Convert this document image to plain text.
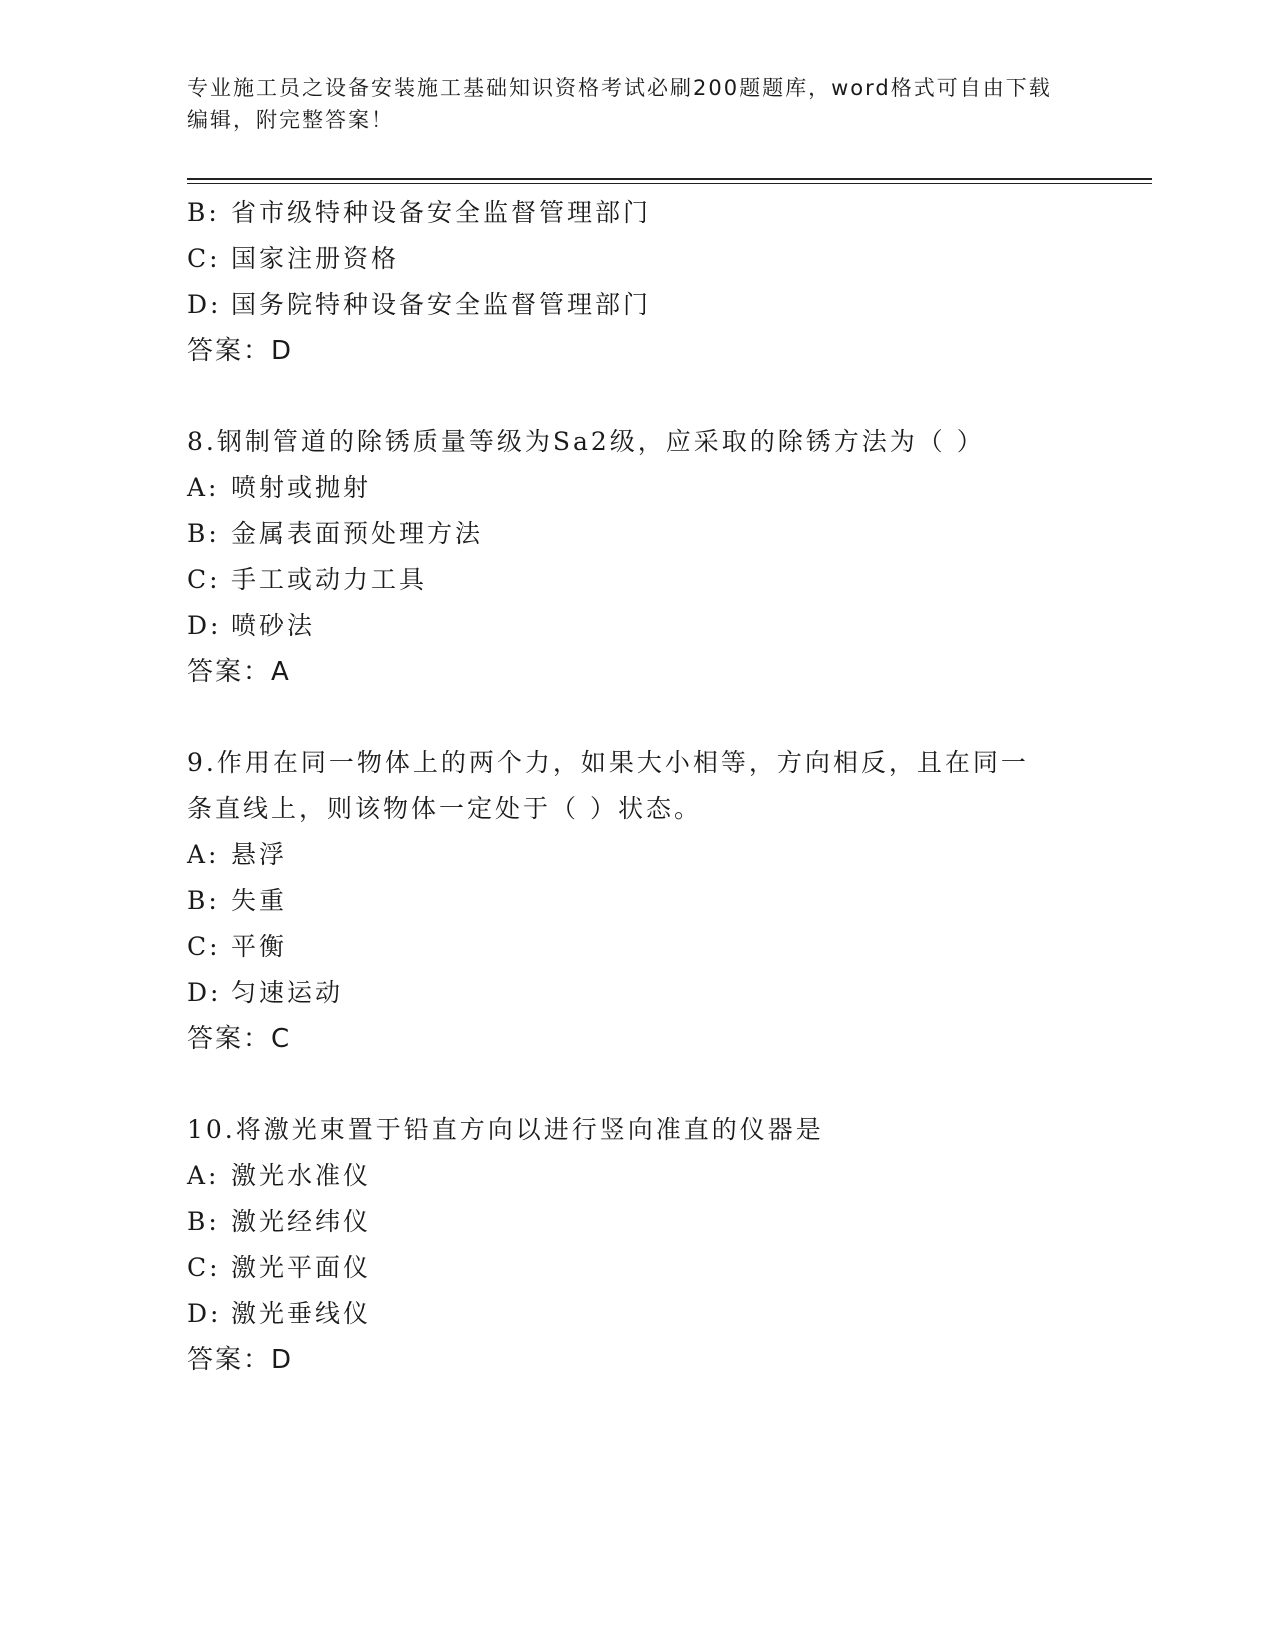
专业施工员之设备安装施工基础知识资格考试必刷200题题库，word格式可自由下载编辑，附完整答案！
B: 省市级特种设备安全监督管理部门
C: 国家注册资格
D: 国务院特种设备安全监督管理部门
答案：D
8.钢制管道的除锈质量等级为Sa2级，应采取的除锈方法为（ ）
A: 喷射或抛射
B: 金属表面预处理方法
C: 手工或动力工具
D: 喷砂法
答案：A
9.作用在同一物体上的两个力，如果大小相等，方向相反，且在同一
条直线上，则该物体一定处于（ ）状态。
A: 悬浮
B: 失重
C: 平衡
D: 匀速运动
答案：C
10.将激光束置于铅直方向以进行竖向准直的仪器是
A: 激光水准仪
B: 激光经纬仪
C: 激光平面仪
D: 激光垂线仪
答案：D
